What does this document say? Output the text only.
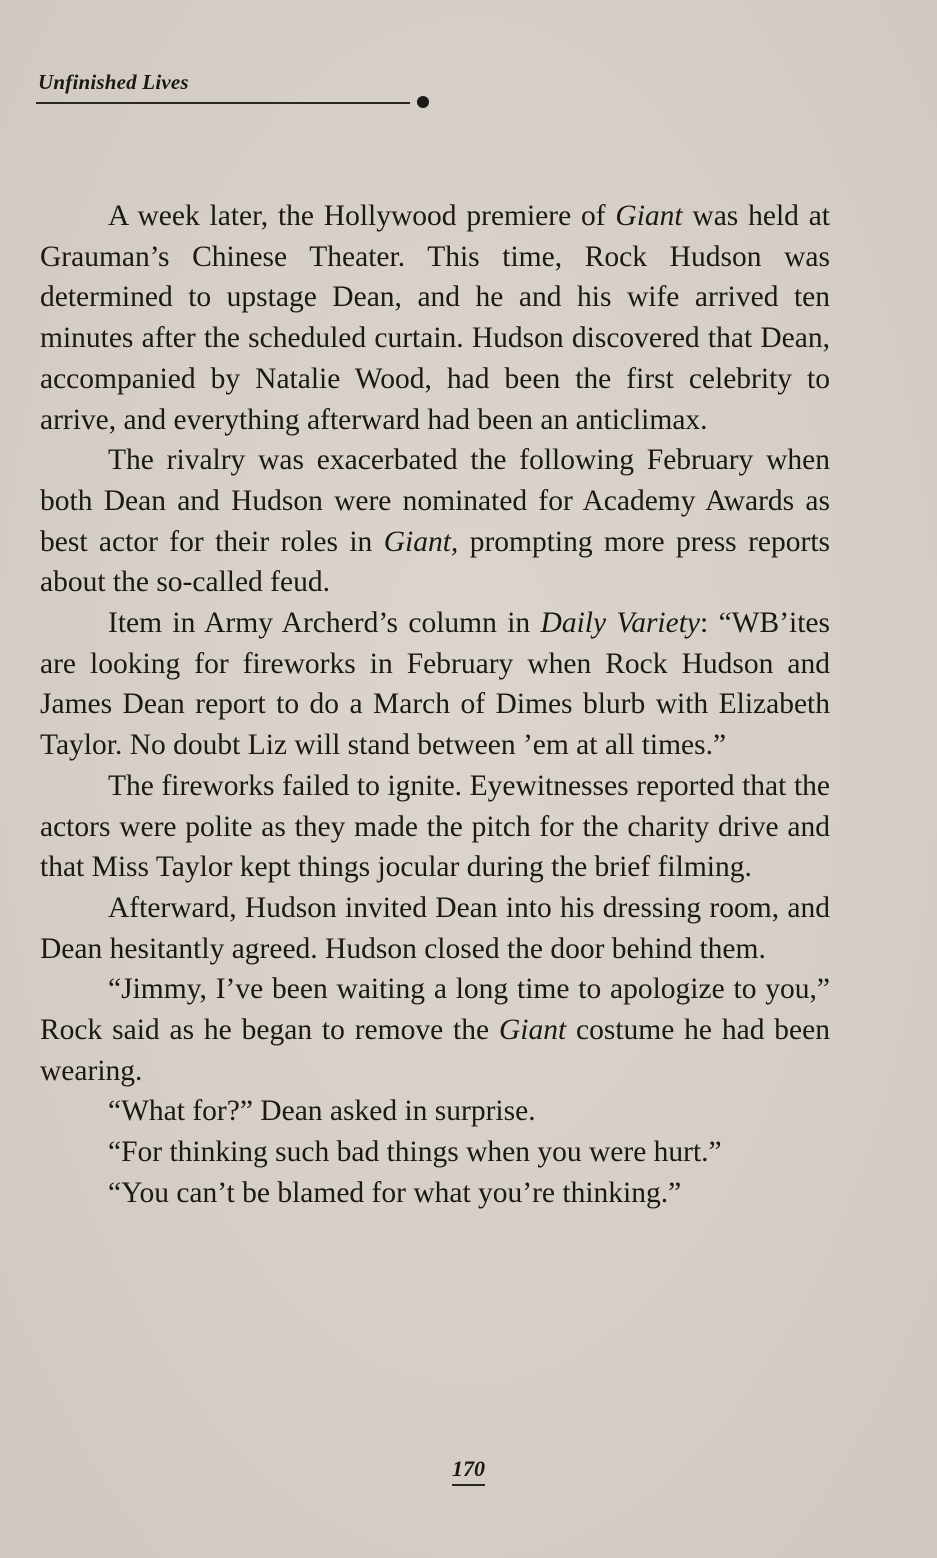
Unfinished Lives

A week later, the Hollywood premiere of Giant was held at Grauman’s Chinese Theater. This time, Rock Hudson was determined to upstage Dean, and he and his wife arrived ten minutes after the scheduled curtain. Hudson discovered that Dean, accompanied by Natalie Wood, had been the first celebrity to arrive, and everything afterward had been an anticlimax.

The rivalry was exacerbated the following February when both Dean and Hudson were nominated for Academy Awards as best actor for their roles in Giant, prompting more press reports about the so-called feud.

Item in Army Archerd’s column in Daily Variety: “WB’ites are looking for fireworks in February when Rock Hudson and James Dean report to do a March of Dimes blurb with Elizabeth Taylor. No doubt Liz will stand between ’em at all times.”

The fireworks failed to ignite. Eyewitnesses reported that the actors were polite as they made the pitch for the charity drive and that Miss Taylor kept things jocular during the brief filming.

Afterward, Hudson invited Dean into his dressing room, and Dean hesitantly agreed. Hudson closed the door behind them.

“Jimmy, I’ve been waiting a long time to apologize to you,” Rock said as he began to remove the Giant costume he had been wearing.

“What for?” Dean asked in surprise.

“For thinking such bad things when you were hurt.”

“You can’t be blamed for what you’re thinking.”

170
